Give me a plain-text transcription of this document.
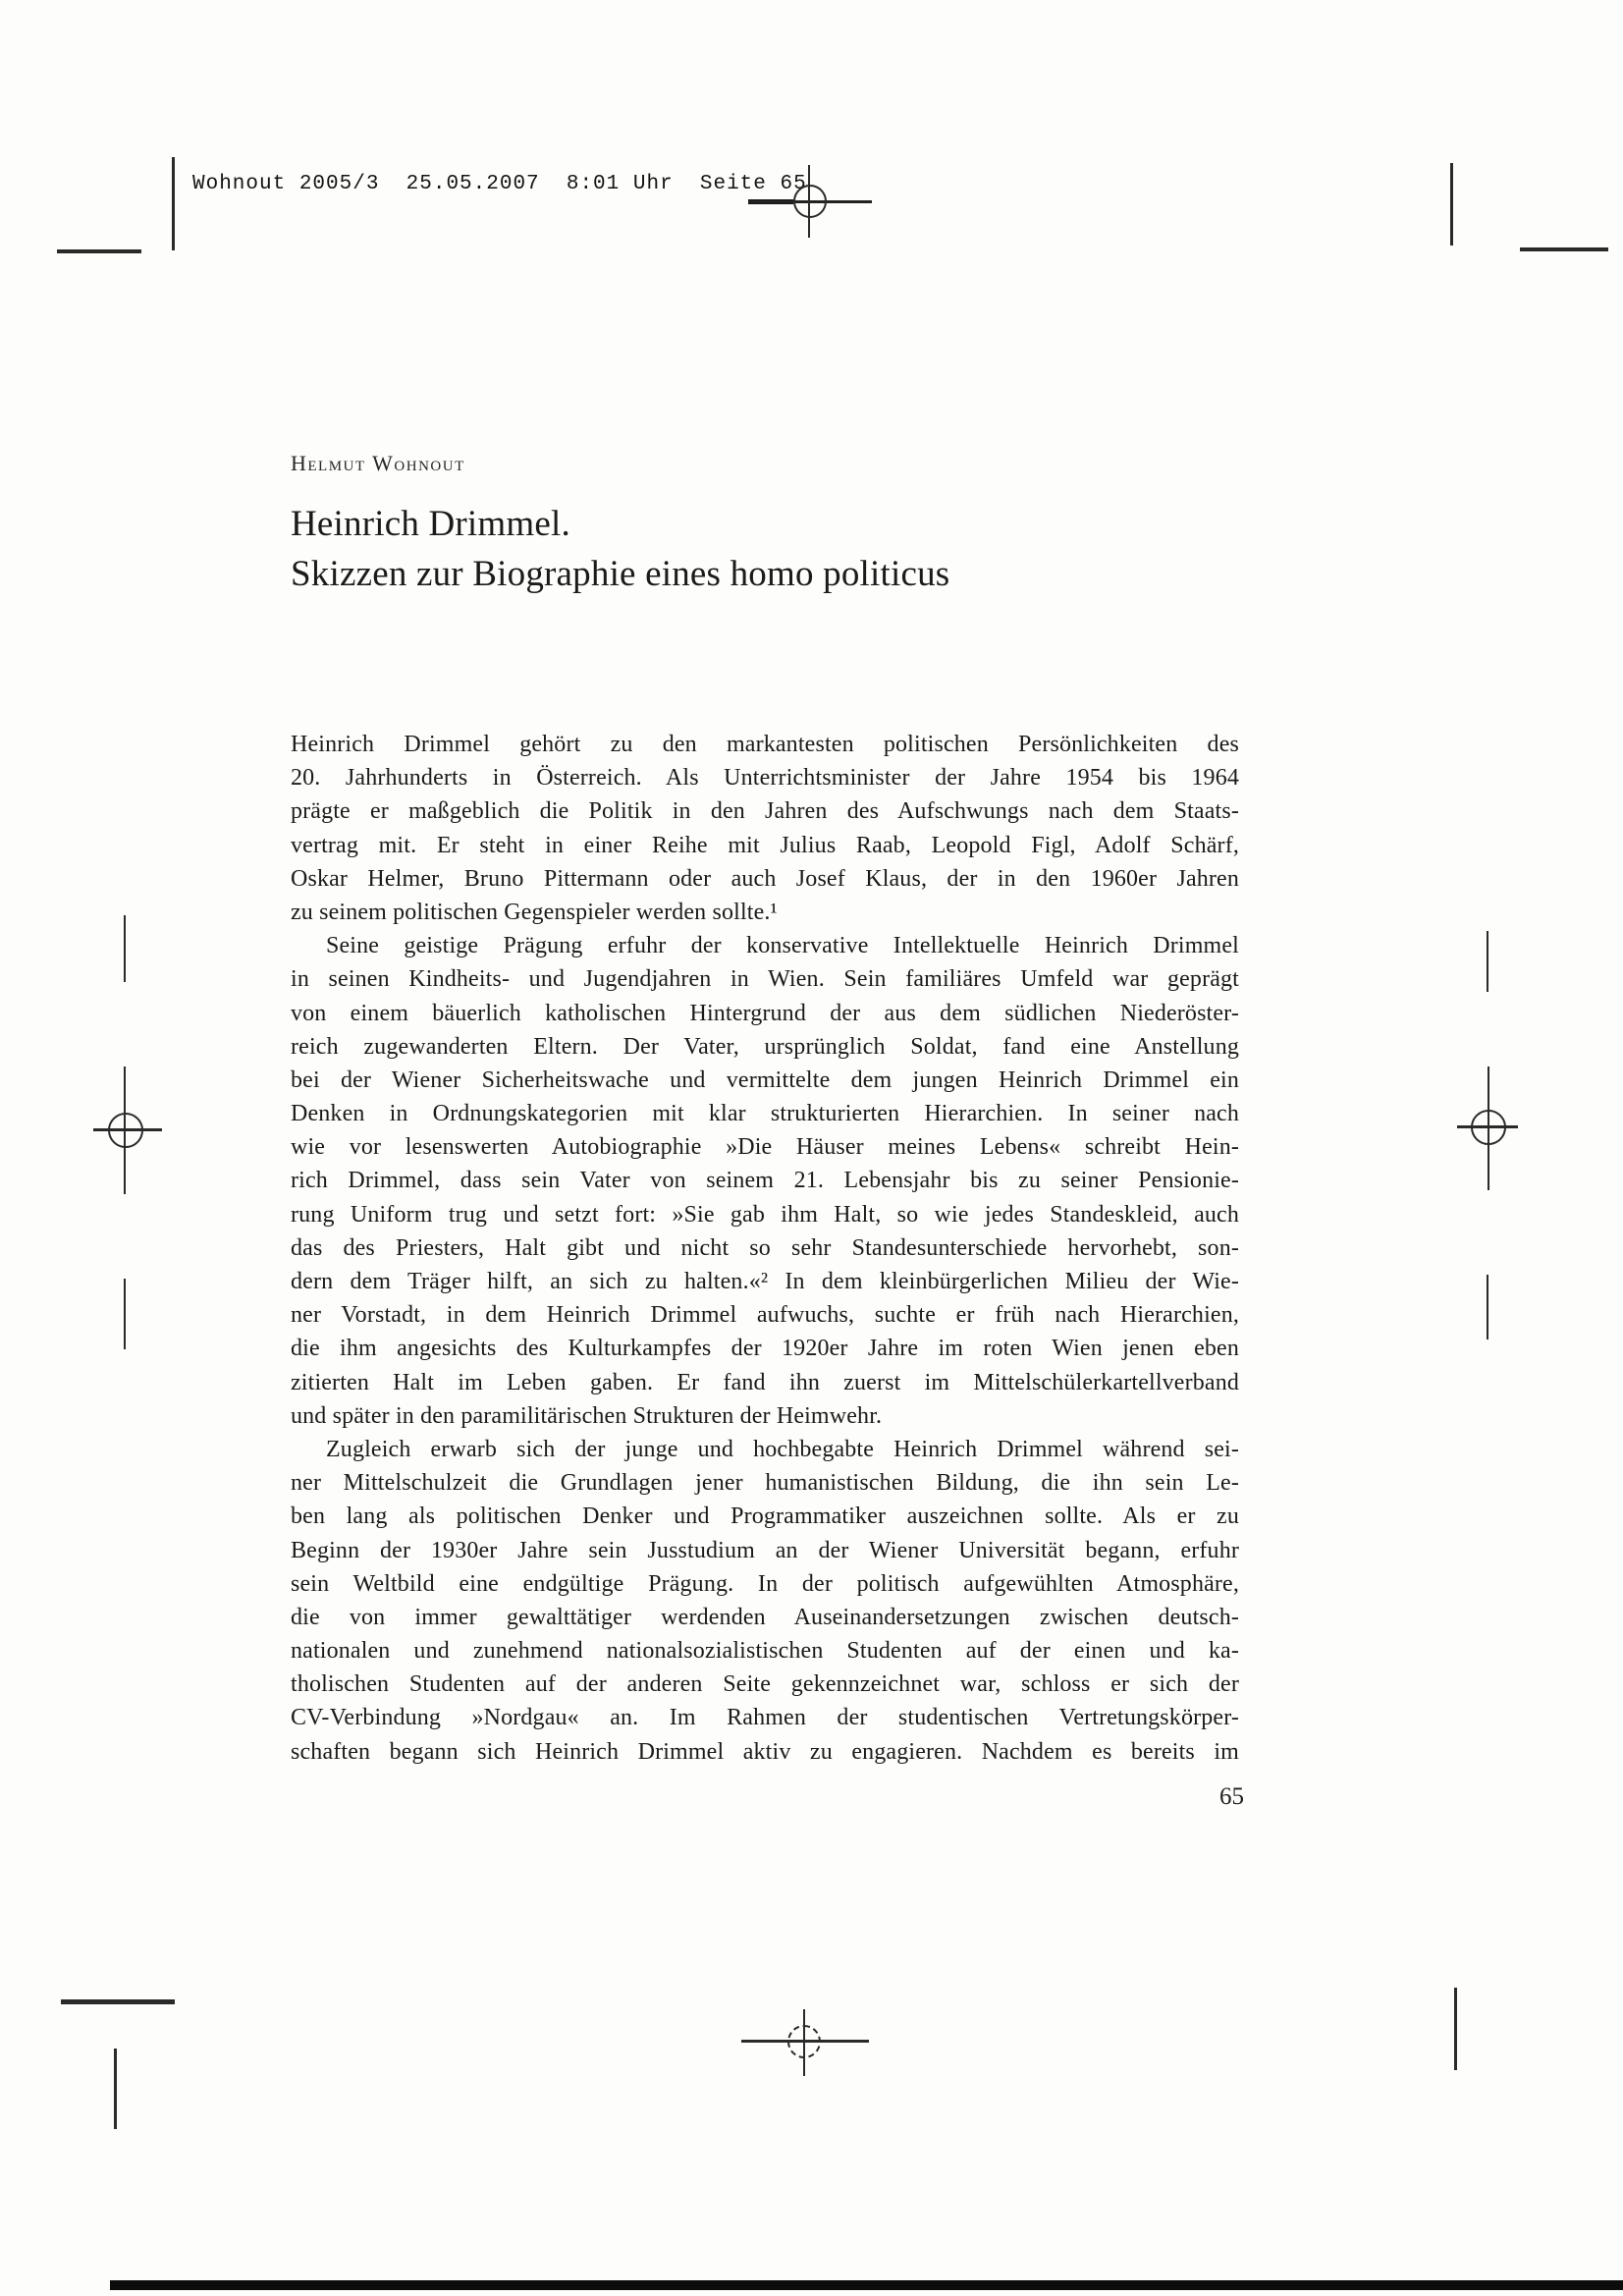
Wohnout 2005/3  25.05.2007  8:01 Uhr  Seite 65
Helmut Wohnout
Heinrich Drimmel.
Skizzen zur Biographie eines homo politicus
Heinrich Drimmel gehört zu den markantesten politischen Persönlichkeiten des
20. Jahrhunderts in Österreich. Als Unterrichtsminister der Jahre 1954 bis 1964
prägte er maßgeblich die Politik in den Jahren des Aufschwungs nach dem Staats-
vertrag mit. Er steht in einer Reihe mit Julius Raab, Leopold Figl, Adolf Schärf,
Oskar Helmer, Bruno Pittermann oder auch Josef Klaus, der in den 1960er Jahren
zu seinem politischen Gegenspieler werden sollte.¹
Seine geistige Prägung erfuhr der konservative Intellektuelle Heinrich Drimmel
in seinen Kindheits- und Jugendjahren in Wien. Sein familiäres Umfeld war geprägt
von einem bäuerlich katholischen Hintergrund der aus dem südlichen Niederöster-
reich zugewanderten Eltern. Der Vater, ursprünglich Soldat, fand eine Anstellung
bei der Wiener Sicherheitswache und vermittelte dem jungen Heinrich Drimmel ein
Denken in Ordnungskategorien mit klar strukturierten Hierarchien. In seiner nach
wie vor lesenswerten Autobiographie »Die Häuser meines Lebens« schreibt Hein-
rich Drimmel, dass sein Vater von seinem 21. Lebensjahr bis zu seiner Pensionie-
rung Uniform trug und setzt fort: »Sie gab ihm Halt, so wie jedes Standeskleid, auch
das des Priesters, Halt gibt und nicht so sehr Standesunterschiede hervorhebt, son-
dern dem Träger hilft, an sich zu halten.«² In dem kleinbürgerlichen Milieu der Wie-
ner Vorstadt, in dem Heinrich Drimmel aufwuchs, suchte er früh nach Hierarchien,
die ihm angesichts des Kulturkampfes der 1920er Jahre im roten Wien jenen eben
zitierten Halt im Leben gaben. Er fand ihn zuerst im Mittelschülerkartellverband
und später in den paramilitärischen Strukturen der Heimwehr.
Zugleich erwarb sich der junge und hochbegabte Heinrich Drimmel während sei-
ner Mittelschulzeit die Grundlagen jener humanistischen Bildung, die ihn sein Le-
ben lang als politischen Denker und Programmatiker auszeichnen sollte. Als er zu
Beginn der 1930er Jahre sein Jusstudium an der Wiener Universität begann, erfuhr
sein Weltbild eine endgültige Prägung. In der politisch aufgewühlten Atmosphäre,
die von immer gewalttätiger werdenden Auseinandersetzungen zwischen deutsch-
nationalen und zunehmend nationalsozialistischen Studenten auf der einen und ka-
tholischen Studenten auf der anderen Seite gekennzeichnet war, schloss er sich der
CV-Verbindung »Nordgau« an. Im Rahmen der studentischen Vertretungskörper-
schaften begann sich Heinrich Drimmel aktiv zu engagieren. Nachdem es bereits im
65
